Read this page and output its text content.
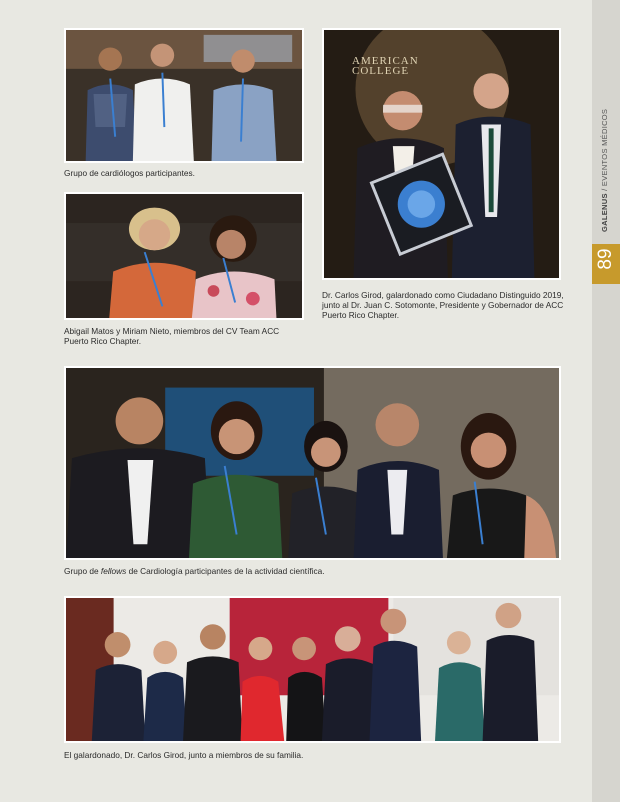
GALENUS / EVENTOS MÉDICOS
89

Grupo de cardiólogos participantes.

AMERICAN COLLEGE

Dr. Carlos Girod, galardonado como Ciudadano Distinguido 2019, junto al Dr. Juan C. Sotomonte, Presidente y Gobernador de ACC Puerto Rico Chapter.

Abigail Matos y Miriam Nieto, miembros del CV Team ACC Puerto Rico Chapter.

Grupo de fellows de Cardiología participantes de la actividad científica.

El galardonado, Dr. Carlos Girod, junto a miembros de su familia.
